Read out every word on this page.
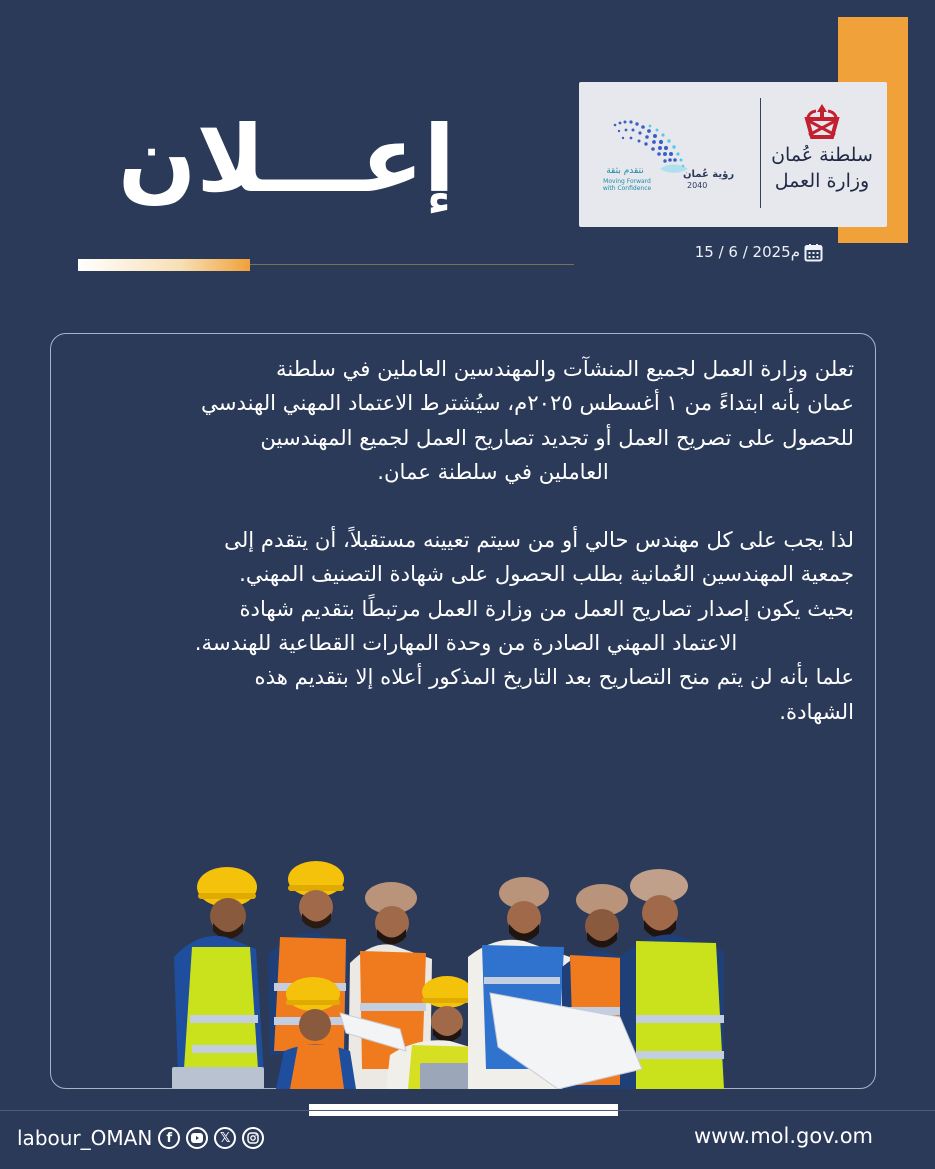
سلطنة عُمان
وزارة العمل
رؤية عُمان
2040
نتقدم بثقة
Moving Forward
with Confidence
إعـــلان
15 / 6 / 2025م

تعلن وزارة العمل لجميع المنشآت والمهندسين العاملين في سلطنة

عمان بأنه ابتداءً من ١ أغسطس ٢٠٢٥م، سيُشترط الاعتماد المهني الهندسي

للحصول على تصريح العمل أو تجديد تصاريح العمل لجميع المهندسين

العاملين في سلطنة عمان.

لذا يجب على كل مهندس حالي أو من سيتم تعيينه مستقبلاً، أن يتقدم إلى

جمعية المهندسين العُمانية بطلب الحصول على شهادة التصنيف المهني.

بحيث يكون إصدار تصاريح العمل من وزارة العمل مرتبطًا بتقديم شهادة

الاعتماد المهني الصادرة من وحدة المهارات القطاعية للهندسة.

علما بأنه لن يتم منح التصاريح بعد التاريخ المذكور أعلاه إلا بتقديم هذه

الشهادة.

labour_OMAN	f	𝕏	www.mol.gov.om
